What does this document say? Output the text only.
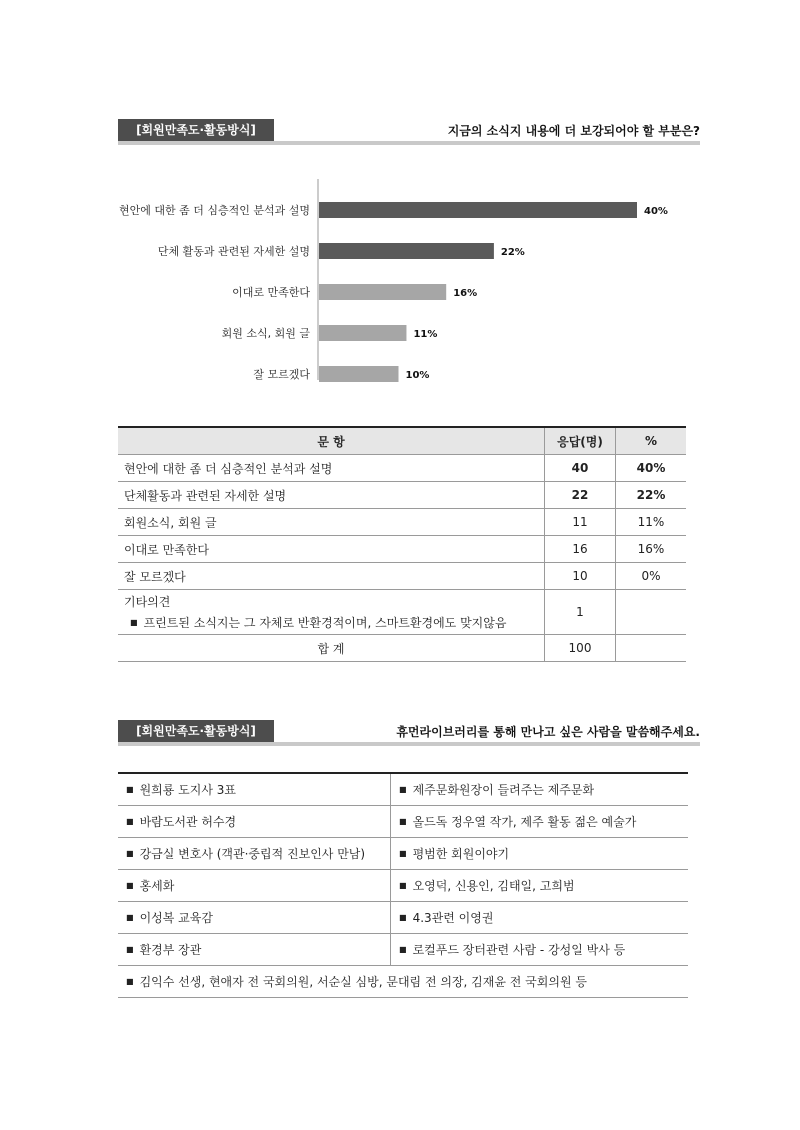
[회원만족도·활동방식]	지금의 소식지 내용에 더 보강되어야 할 부분은?
현안에 대한 좀 더 심층적인 분석과 설명	40%
단체 활동과 관련된 자세한 설명	22%
이대로 만족한다	16%
회원 소식, 회원 글	11%
잘 모르겠다	10%
문 항	응답(명)	%
현안에 대한 좀 더 심층적인 분석과 설명	40	40%
단체활동과 관련된 자세한 설명	22	22%
회원소식, 회원 글	11	11%
이대로 만족한다	16	16%
잘 모르겠다	10	0%
기타의견
■ 프린트된 소식지는 그 자체로 반환경적이며, 스마트환경에도 맞지않음	1	
합 계	100	
[회원만족도·활동방식]	휴먼라이브러리를 통해 만나고 싶은 사람을 말씀해주세요.
■ 원희룡 도지사 3표	■ 제주문화원장이 들려주는 제주문화
■ 바람도서관 허수경	■ 올드독 정우열 작가, 제주 활동 젊은 예술가
■ 강금실 변호사 (객관·중립적 진보인사 만남)	■ 평범한 회원이야기
■ 홍세화	■ 오영덕, 신용인, 김태일, 고희범
■ 이성복 교육감	■ 4.3관련 이영권
■ 환경부 장관	■ 로컬푸드 장터관련 사람 - 강성일 박사 등
■ 김익수 선생, 현애자 전 국회의원, 서순실 심방, 문대림 전 의장, 김재윤 전 국회의원 등	
